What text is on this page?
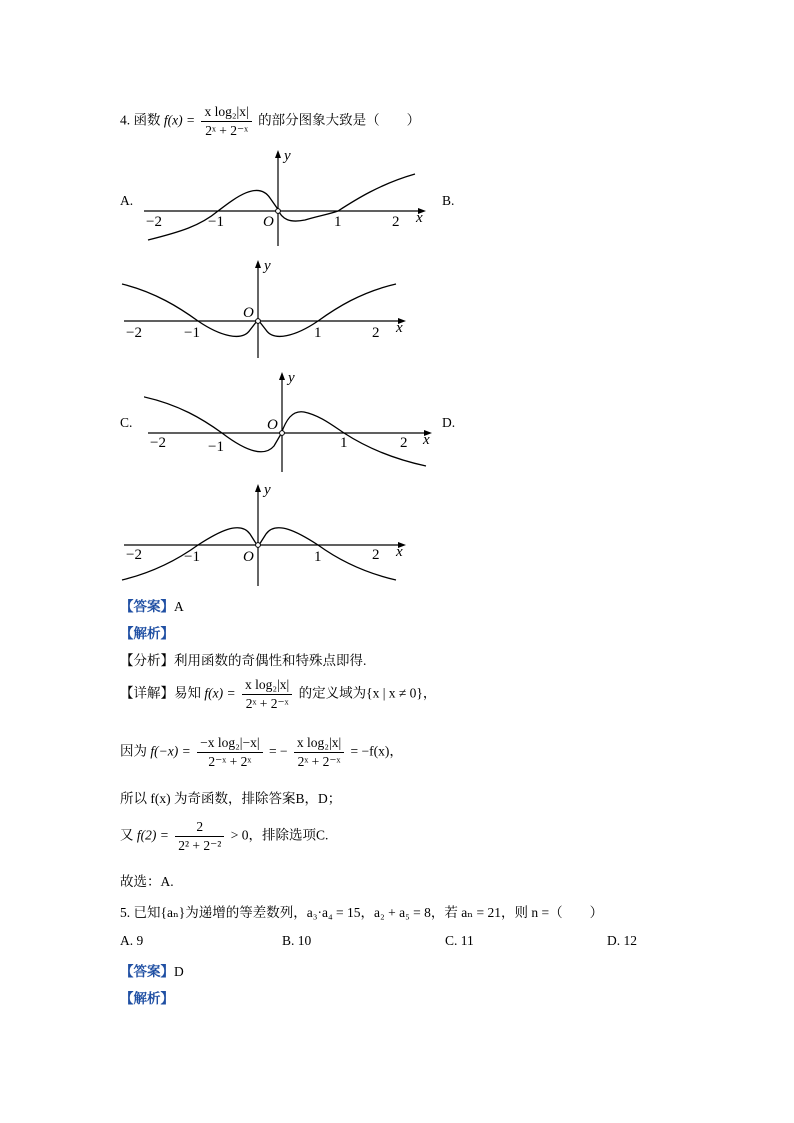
4. 函数 $f(x) = \frac{\text{x log₂|x|}}{\text{2ˣ + 2⁻ˣ}}$ 的部分图象大致是（　　）
A.	B.
C.	D.
−2	−1	1	2
O	x
y
−2	−1	1	2
O
x
y
−2	−1	1	2
O
x
y
−2	−1	1	2
O	x
y
【答案】A
【解析】
【分析】利用函数的奇偶性和特殊点即得.
【详解】易知 $f(x) = \frac{\text{x log₂|x|}}{\text{2ˣ + 2⁻ˣ}}$ 的定义域为{x | x ≠ 0}，
因为 $f(-x) = \frac{\text{−x log₂|−x|}}{\text{2⁻ˣ + 2ˣ}}$ = − $\frac{\text{x log₂|x|}}{\text{2ˣ + 2⁻ˣ}} = -f(x)$，
所以 f(x) 为奇函数，排除答案B，D；
又 $f(2) = \frac{2}{\text{2² + 2⁻²}} > 0$，排除选项C.
故选：A.
5. 已知{aₙ}为递增的等差数列，a₃·a₄ = 15，a₂ + a₅ = 8，若 aₙ = 21，则 n =（　　）
A. 9	B. 10	C. 11	D. 12
【答案】D
【解析】
